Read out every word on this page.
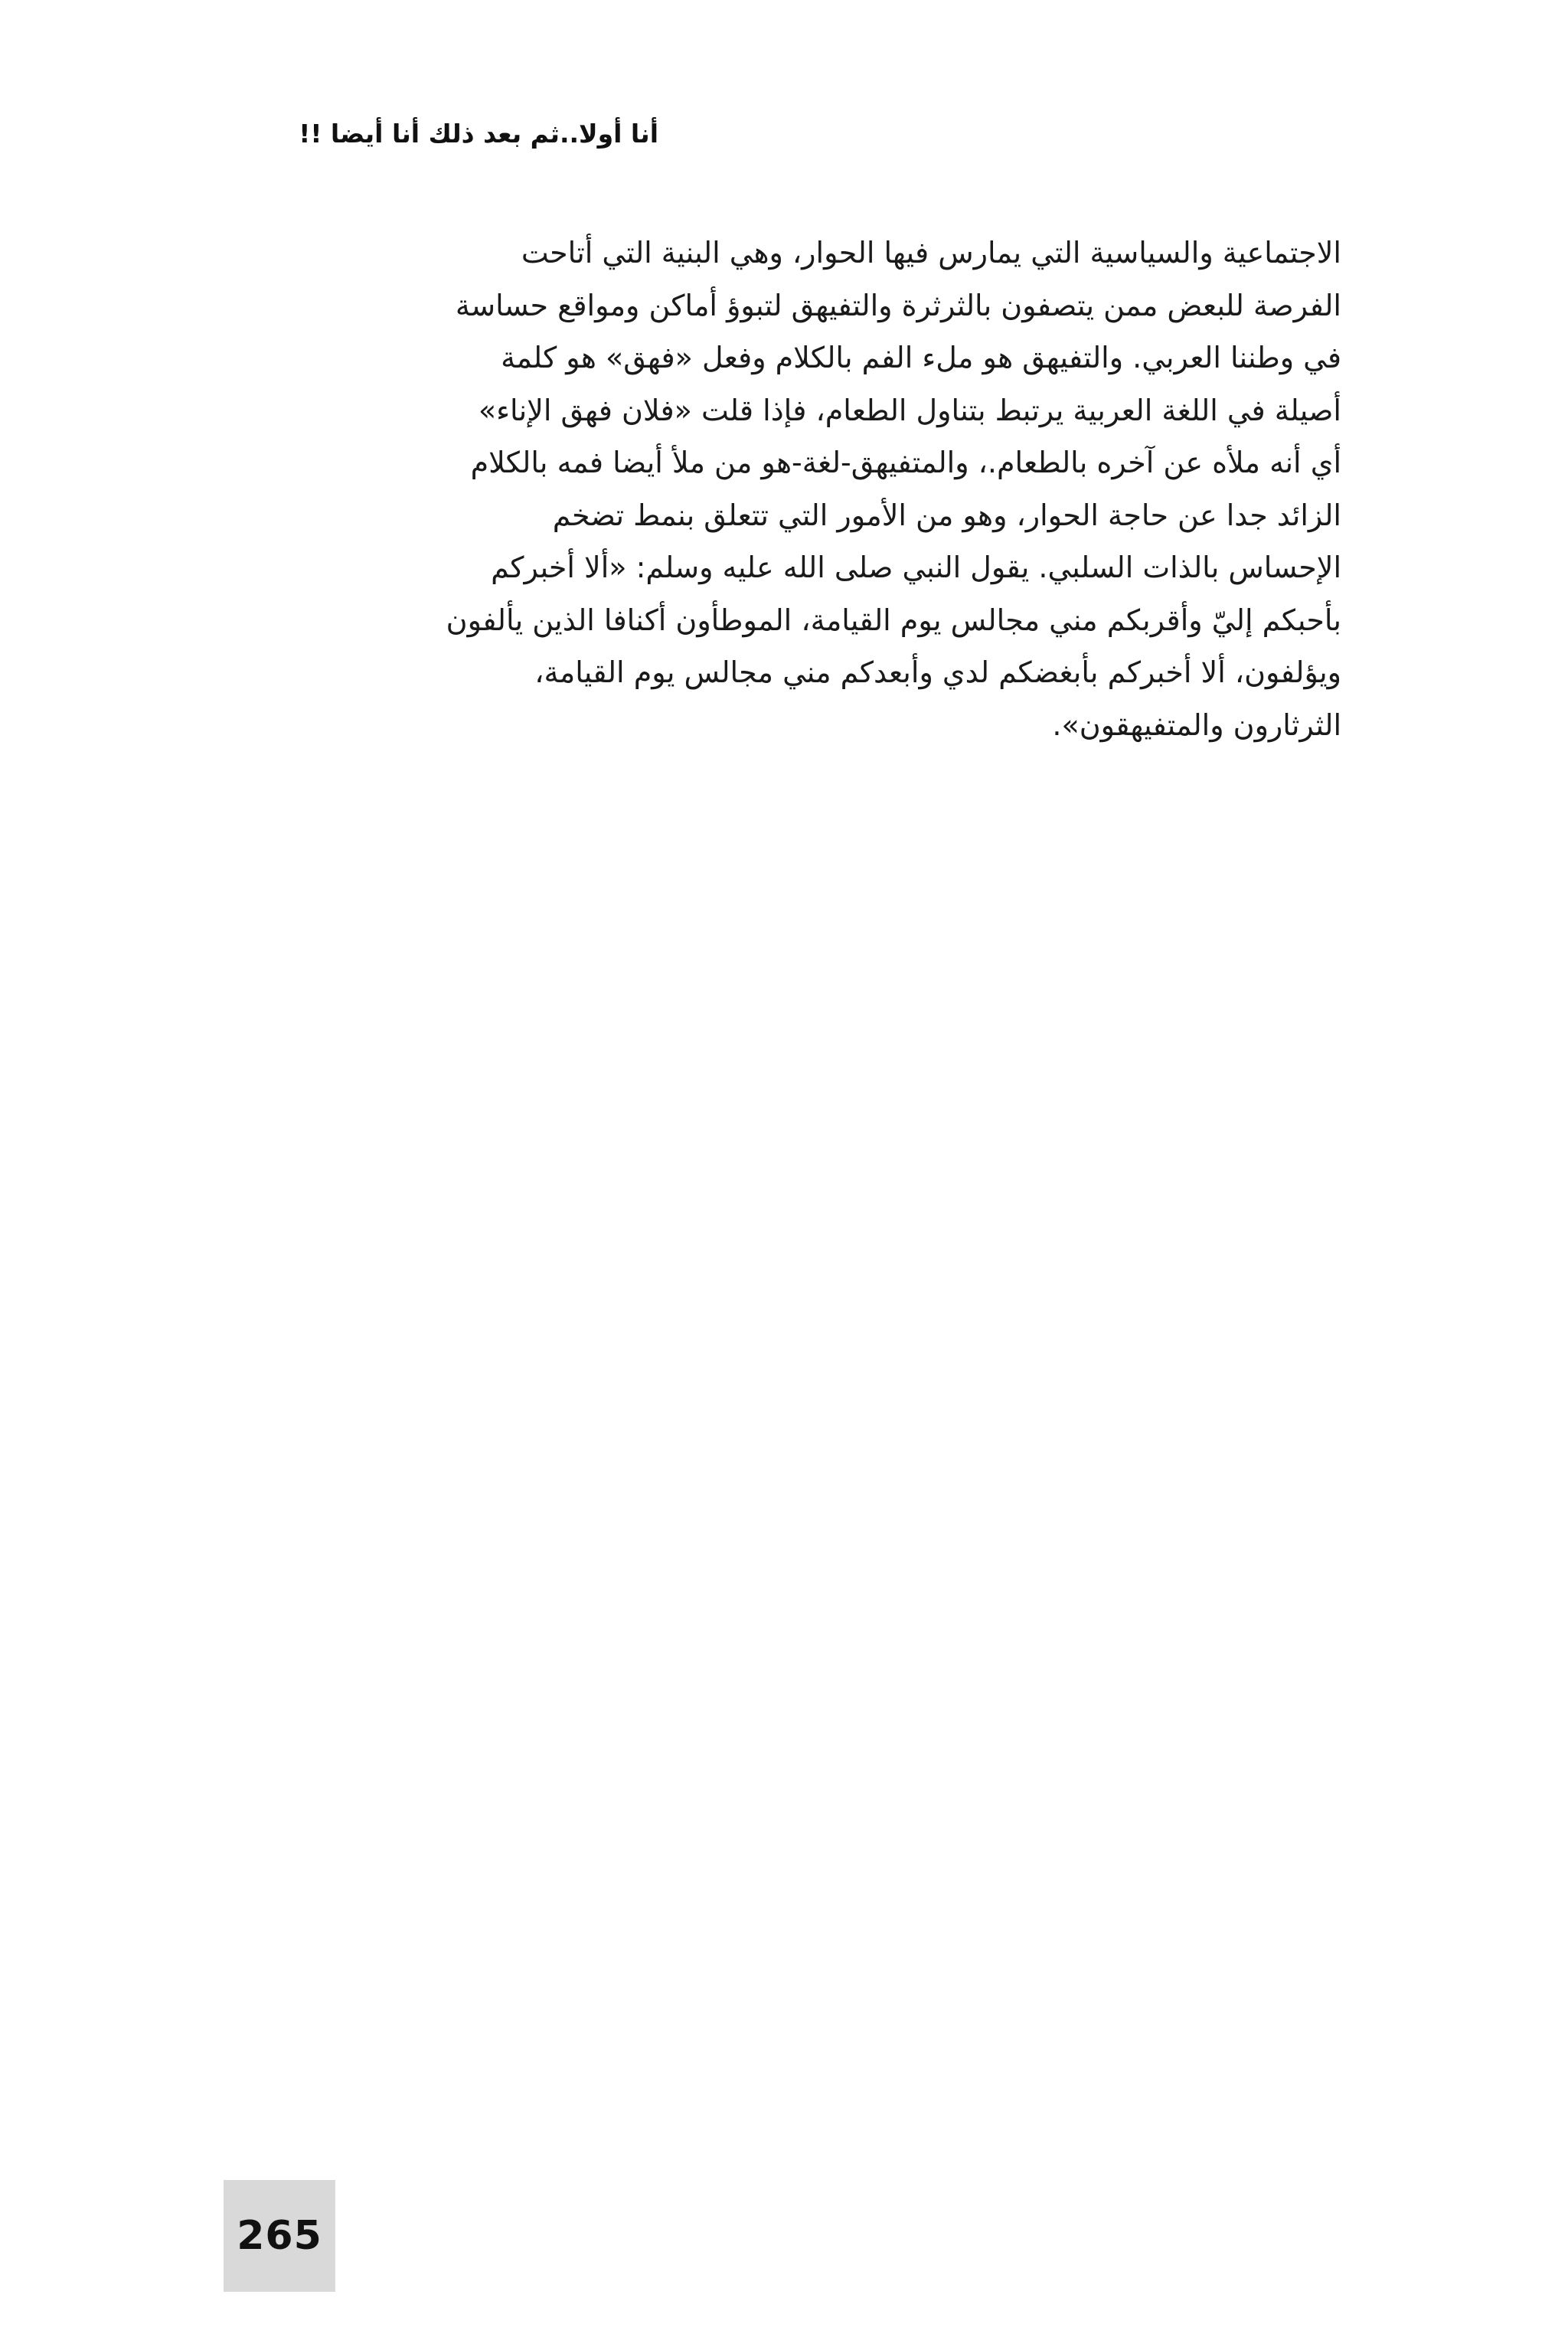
أنا أولا..ثم بعد ذلك أنا أيضا !!
الاجتماعية والسياسية التي يمارس فيها الحوار، وهي البنية التي أتاحت
الفرصة للبعض ممن يتصفون بالثرثرة والتفيهق لتبوؤ أماكن ومواقع حساسة
في وطننا العربي. والتفيهق هو ملء الفم بالكلام وفعل «فهق» هو كلمة
أصيلة في اللغة العربية يرتبط بتناول الطعام، فإذا قلت «فلان فهق الإناء»
أي أنه ملأه عن آخره بالطعام.، والمتفيهق-لغة-هو من ملأ أيضا فمه بالكلام
الزائد جدا عن حاجة الحوار، وهو من الأمور التي تتعلق بنمط تضخم
الإحساس بالذات السلبي. يقول النبي صلى الله عليه وسلم: «ألا أخبركم
بأحبكم إليّ وأقربكم مني مجالس يوم القيامة، الموطأون أكنافا الذين يألفون
ويؤلفون، ألا أخبركم بأبغضكم لدي وأبعدكم مني مجالس يوم القيامة،
الثرثارون والمتفيهقون».
265
